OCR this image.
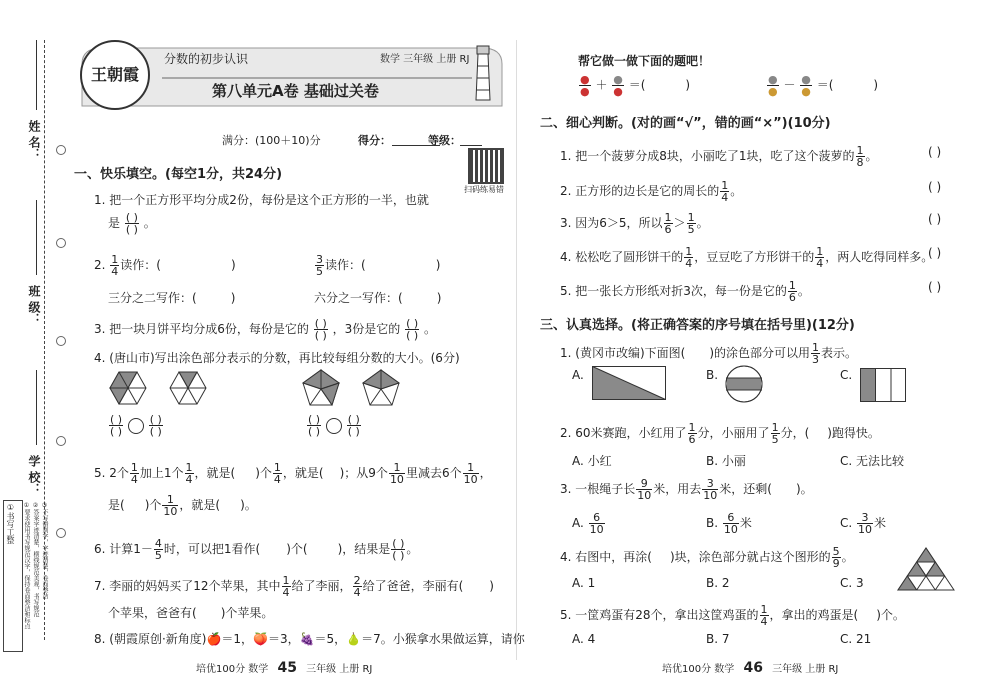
姓 名：
班 级：
学 校：
①书写工整 ①要求使用书写规范汉字，保持卷面整洁和标点 ②答案字迹清楚，横线规范美观，书写规范 ③不写错别字，字迹清楚，卷面整洁
王朝霞
分数的初步认识	数学 三年级 上册 RJ
第八单元A卷 基础过关卷
满分：(100＋10)分	得分：	等级：
扫码练易错
一、快乐填空。(每空1分，共24分)
1. 把一个正方形平均分成2份，每份是这个正方形的一半，也就
是 $\frac{( )}{( )}$ 。
2. $\frac{1}{4}$ 读作：(	)	$\frac{3}{5}$ 读作：(	)
三分之二写作：(	)	六分之一写作：(	)
3. 把一块月饼平均分成6份，每份是它的 $\frac{( )}{( )}$ ，3份是它的 $\frac{( )}{( )}$ 。
4. (唐山市)写出涂色部分表示的分数，再比较每组分数的大小。(6分)
$\frac{( )}{( )}$
$\frac{( )}{( )}$	$\frac{( )}{( )}$
$\frac{( )}{( )}$
5. 2个 $\frac{1}{4}$ 加上1个 $\frac{1}{4}$ ，就是( )个 $\frac{1}{4}$ ，就是( )；从9个 $\frac{1}{10}$ 里减去6个 $\frac{1}{10}$ ，
是( )个 $\frac{1}{10}$ ，就是( )。
6. 计算$1- \frac{4}{5}$ 时，可以把1看作( )个(	)，结果是 $\frac{( )}{( )}$ 。
7. 李丽的妈妈买了12个苹果，其中 $\frac{1}{4}$ 给了李丽， $\frac{2}{4}$ 给了爸爸，李丽有( )
个苹果，爸爸有( )个苹果。
8. (朝霞原创·新角度)🍎＝1，🍑＝3，🍇＝5，🍐＝7。小猴拿水果做运算，请你
培优100分 数学 45 三年级 上册 RJ
帮它做一做下面的题吧！
$\frac{●}{●} + \frac{●}{●}$ ＝(	)	$\frac{●}{●} - \frac{●}{●}$ ＝(	)
二、细心判断。(对的画“√”，错的画“×”)(10分)
1. 把一个菠萝分成8块，小丽吃了1块，吃了这个菠萝的 $\frac{1}{8}$ 。	( )
2. 正方形的边长是它的周长的 $\frac{1}{4}$ 。	( )
3. 因为6＞5，所以 $\frac{1}{6} > \frac{1}{5}$ 。	( )
4. 松松吃了圆形饼干的 $\frac{1}{4}$ ，豆豆吃了方形饼干的 $\frac{1}{4}$ ，两人吃得同样多。
( )
5. 把一张长方形纸对折3次，每一份是它的 $\frac{1}{6}$ 。	( )
三、认真选择。(将正确答案的序号填在括号里)(12分)
1. (黄冈市改编)下面图( )的涂色部分可以用 $\frac{1}{3}$ 表示。
A.	B.	C.
2. 60米赛跑，小红用了 $\frac{1}{6}$ 分，小丽用了 $\frac{1}{5}$ 分，( )跑得快。
A. 小红	B. 小丽	C. 无法比较
3. 一根绳子长 $\frac{9}{10}$ 米，用去 $\frac{3}{10}$ 米，还剩( )。
A. $\frac{6}{10}$	B. $\frac{6}{10}$ 米	C. $\frac{3}{10}$ 米
4. 右图中，再涂( )块，涂色部分就占这个图形的 $\frac{5}{9}$ 。
A. 1	B. 2	C. 3
5. 一筐鸡蛋有28个，拿出这筐鸡蛋的 $\frac{1}{4}$ ，拿出的鸡蛋是( )个。
A. 4	B. 7	C. 21
培优100分 数学 46 三年级 上册 RJ
